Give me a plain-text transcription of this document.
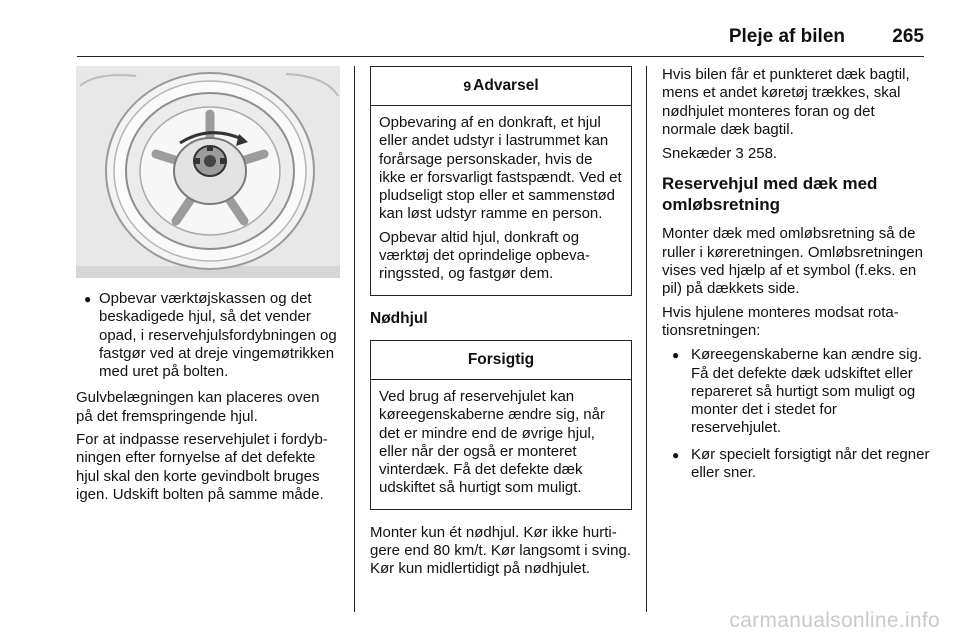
Pleje af bilen 265
● Opbevar værktøjskassen og det beskadigede hjul, så det vender opad, i reservehjulsfordybningen og fastgør ved at dreje vingemøtrikken med uret på bolten.

Gulvbelægningen kan placeres oven på det fremspringende hjul.

For at indpasse reservehjulet i fordybningen efter fornyelse af det defekte hjul skal den korte gevindbolt bruges igen. Udskift bolten på samme måde.

9 Advarsel

Opbevaring af en donkraft, et hjul eller andet udstyr i lastrummet kan forårsage personskader, hvis de ikke er forsvarligt fastspændt. Ved et pludseligt stop eller et sammenstød kan løst udstyr ramme en person.

Opbevar altid hjul, donkraft og værktøj det oprindelige opbevaringssted, og fastgør dem.

Nødhjul
Forsigtig

Ved brug af reservehjulet kan køreegenskaberne ændre sig, når det er mindre end de øvrige hjul, eller når der også er monteret vinterdæk. Få det defekte dæk udskiftet så hurtigt som muligt.

Monter kun ét nødhjul. Kør ikke hurtigere end 80 km/t. Kør langsomt i sving. Kør kun midlertidigt på nødhjulet.

Hvis bilen får et punkteret dæk bagtil, mens et andet køretøj trækkes, skal nødhjulet monteres foran og det normale dæk bagtil.

Snekæder 3 258.

Reservehjul med dæk med omløbsretning

Monter dæk med omløbsretning så de ruller i køreretningen. Omløbsretningen vises ved hjælp af et symbol (f.eks. en pil) på dækkets side.

Hvis hjulene monteres modsat rotationsretningen:

● Køreegenskaberne kan ændre sig. Få det defekte dæk udskiftet eller repareret så hurtigt som muligt og monter det i stedet for reservehjulet.
● Kør specielt forsigtigt når det regner eller sner.
carmanualsonline.info
